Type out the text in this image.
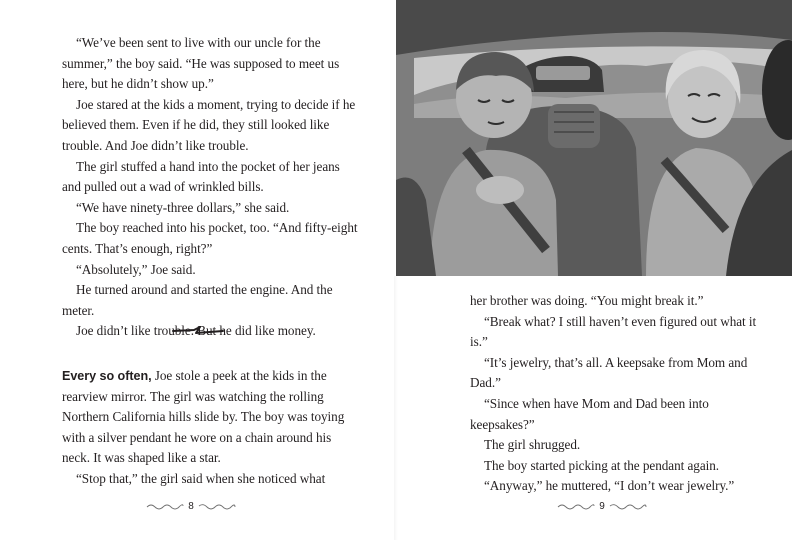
“We’ve been sent to live with our uncle for the summer,” the boy said. “He was supposed to meet us here, but he didn’t show up.”

Joe stared at the kids a moment, trying to decide if he believed them. Even if he did, they still looked like trouble. And Joe didn’t like trouble.

The girl stuffed a hand into the pocket of her jeans and pulled out a wad of wrinkled bills.

“We have ninety-three dollars,” she said.

The boy reached into his pocket, too. “And fifty-eight cents. That’s enough, right?”

“Absolutely,” Joe said.

He turned around and started the engine. And the meter.

Joe didn’t like trouble. But he did like money.

Every so often, Joe stole a peek at the kids in the rearview mirror. The girl was watching the rolling Northern California hills slide by. The boy was toying with a silver pendant he wore on a chain around his neck. It was shaped like a star.

“Stop that,” the girl said when she noticed what

8

her brother was doing. “You might break it.”

“Break what? I still haven’t even figured out what it is.”

“It’s jewelry, that’s all. A keepsake from Mom and Dad.”

“Since when have Mom and Dad been into keepsakes?”

The girl shrugged.

The boy started picking at the pendant again.

“Anyway,” he muttered, “I don’t wear jewelry.”

9
